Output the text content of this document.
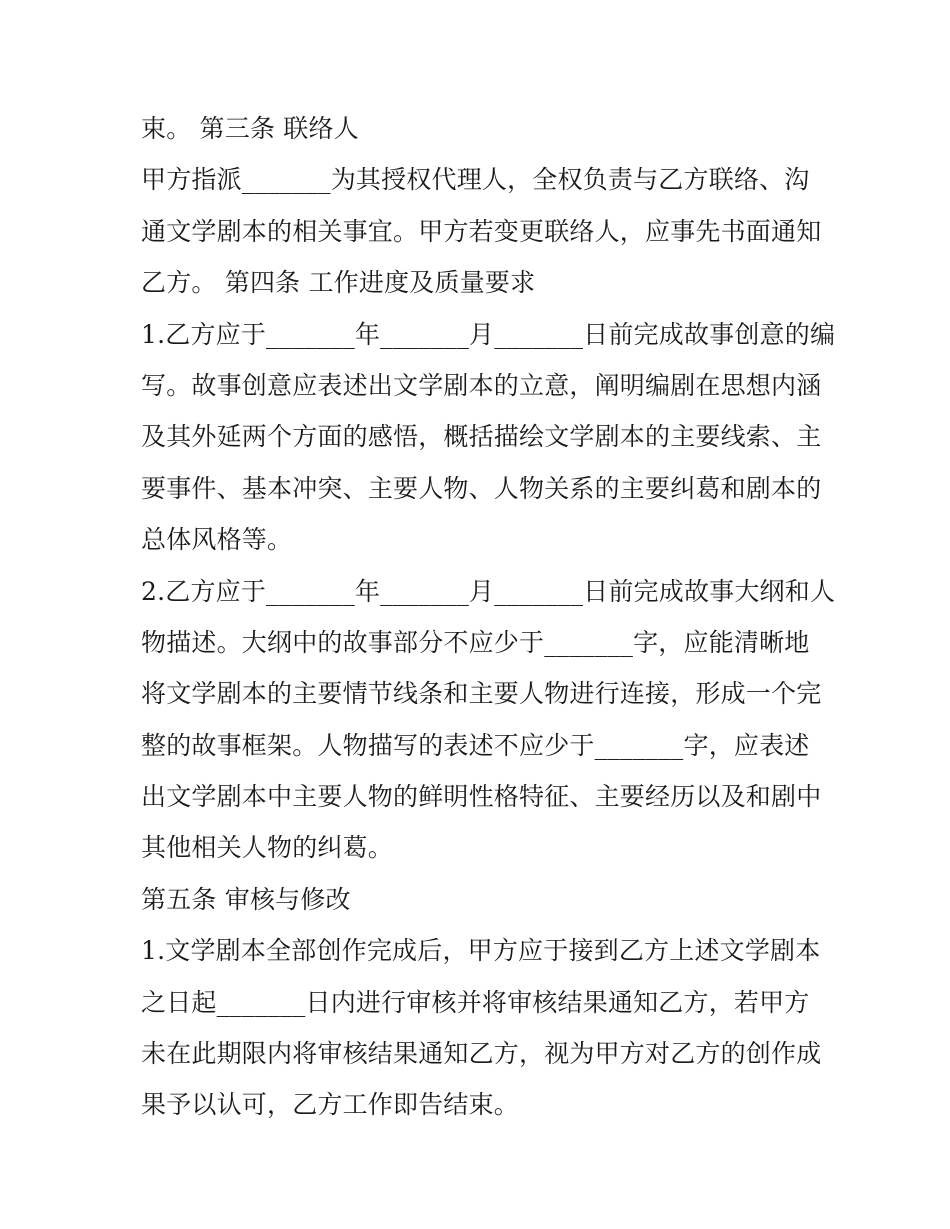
束。 第三条 联络人
甲方指派_______为其授权代理人，全权负责与乙方联络、沟
通文学剧本的相关事宜。甲方若变更联络人，应事先书面通知
乙方。 第四条 工作进度及质量要求
1.乙方应于_______年_______月_______日前完成故事创意的编
写。故事创意应表述出文学剧本的立意，阐明编剧在思想内涵
及其外延两个方面的感悟，概括描绘文学剧本的主要线索、主
要事件、基本冲突、主要人物、人物关系的主要纠葛和剧本的
总体风格等。
2.乙方应于_______年_______月_______日前完成故事大纲和人
物描述。大纲中的故事部分不应少于_______字，应能清晰地
将文学剧本的主要情节线条和主要人物进行连接，形成一个完
整的故事框架。人物描写的表述不应少于_______字，应表述
出文学剧本中主要人物的鲜明性格特征、主要经历以及和剧中
其他相关人物的纠葛。
第五条 审核与修改
1.文学剧本全部创作完成后，甲方应于接到乙方上述文学剧本
之日起_______日内进行审核并将审核结果通知乙方，若甲方
未在此期限内将审核结果通知乙方，视为甲方对乙方的创作成
果予以认可，乙方工作即告结束。
